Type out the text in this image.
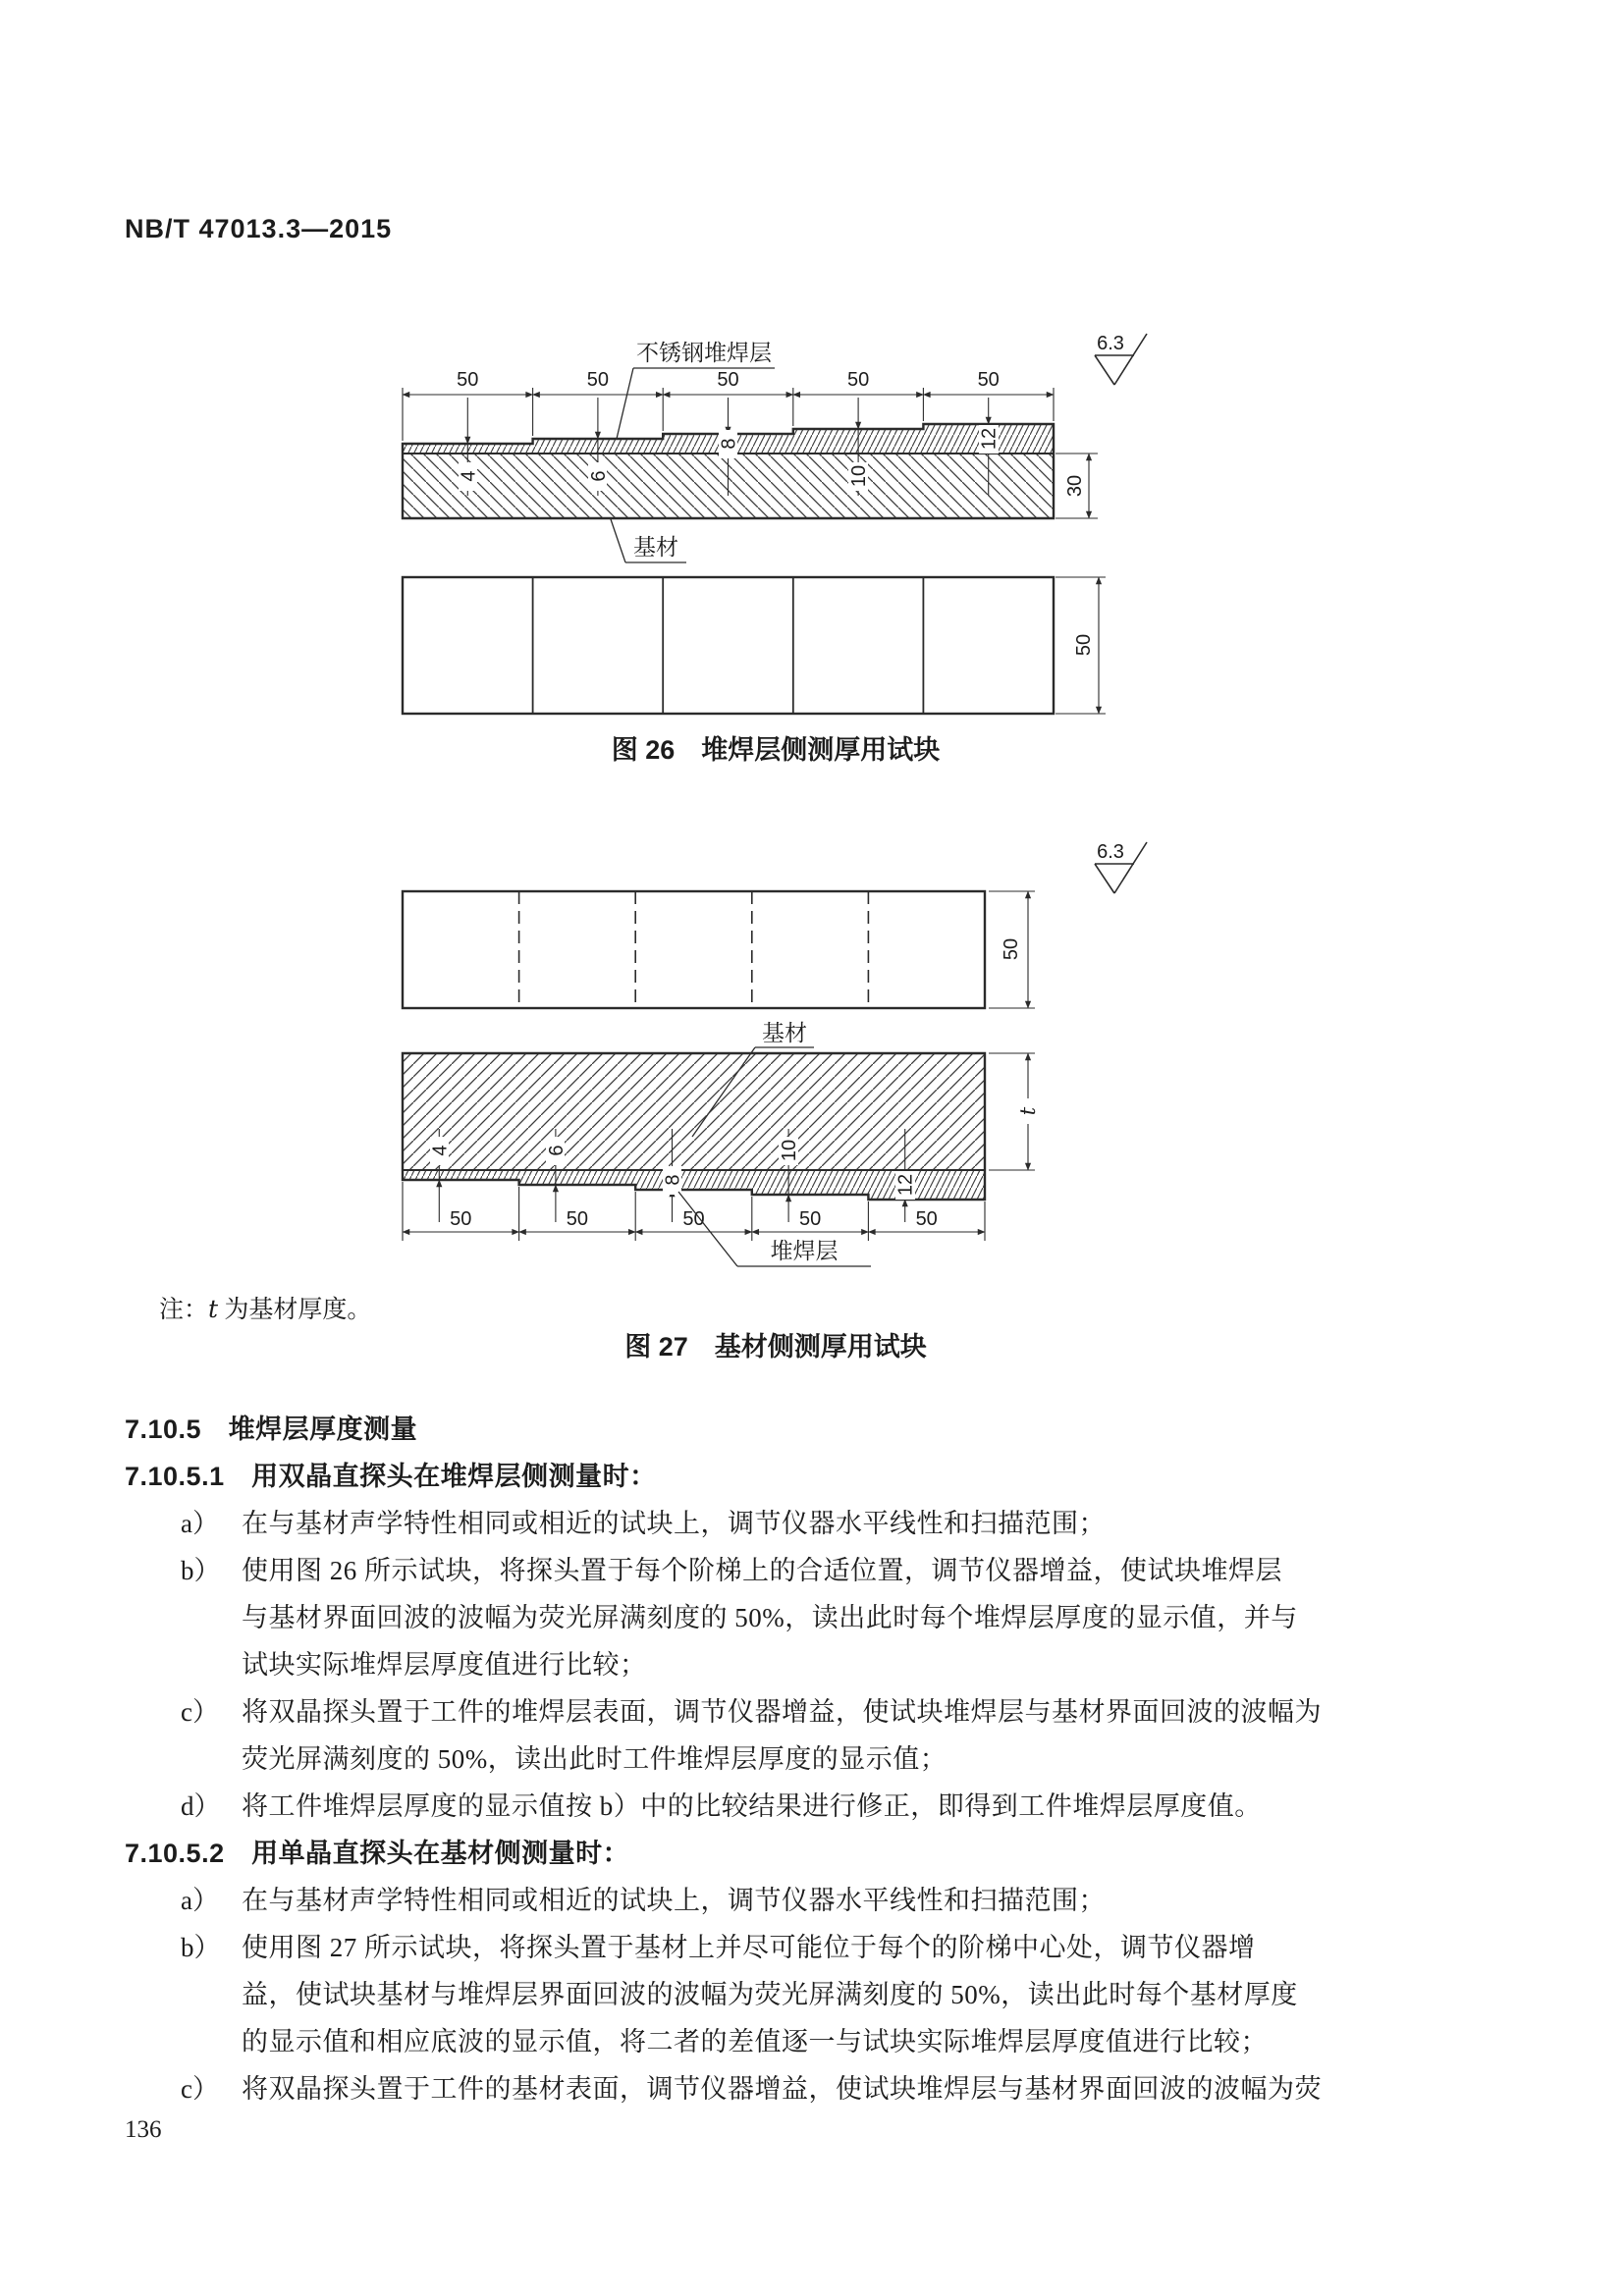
NB/T 47013.3—2015
50	50	50	50	50
4	6
8
10
12
6.3
不锈钢堆焊层
30
基材
50
图 26　堆焊层侧测厚用试块
6.3
50
基材
4	6
8
10
12
50	50	50	50	50
t
堆焊层
注：t 为基材厚度。
图 27　基材侧测厚用试块
7.10.5　堆焊层厚度测量
7.10.5.1　用双晶直探头在堆焊层侧测量时：
a） 在与基材声学特性相同或相近的试块上，调节仪器水平线性和扫描范围；
b） 使用图 26 所示试块，将探头置于每个阶梯上的合适位置，调节仪器增益，使试块堆焊层
与基材界面回波的波幅为荧光屏满刻度的 50%，读出此时每个堆焊层厚度的显示值，并与
试块实际堆焊层厚度值进行比较；
c） 将双晶探头置于工件的堆焊层表面，调节仪器增益，使试块堆焊层与基材界面回波的波幅为
荧光屏满刻度的 50%，读出此时工件堆焊层厚度的显示值；
d） 将工件堆焊层厚度的显示值按 b）中的比较结果进行修正，即得到工件堆焊层厚度值。
7.10.5.2　用单晶直探头在基材侧测量时：
a） 在与基材声学特性相同或相近的试块上，调节仪器水平线性和扫描范围；
b） 使用图 27 所示试块，将探头置于基材上并尽可能位于每个的阶梯中心处，调节仪器增
益，使试块基材与堆焊层界面回波的波幅为荧光屏满刻度的 50%，读出此时每个基材厚度
的显示值和相应底波的显示值，将二者的差值逐一与试块实际堆焊层厚度值进行比较；
c） 将双晶探头置于工件的基材表面，调节仪器增益，使试块堆焊层与基材界面回波的波幅为荧
136
